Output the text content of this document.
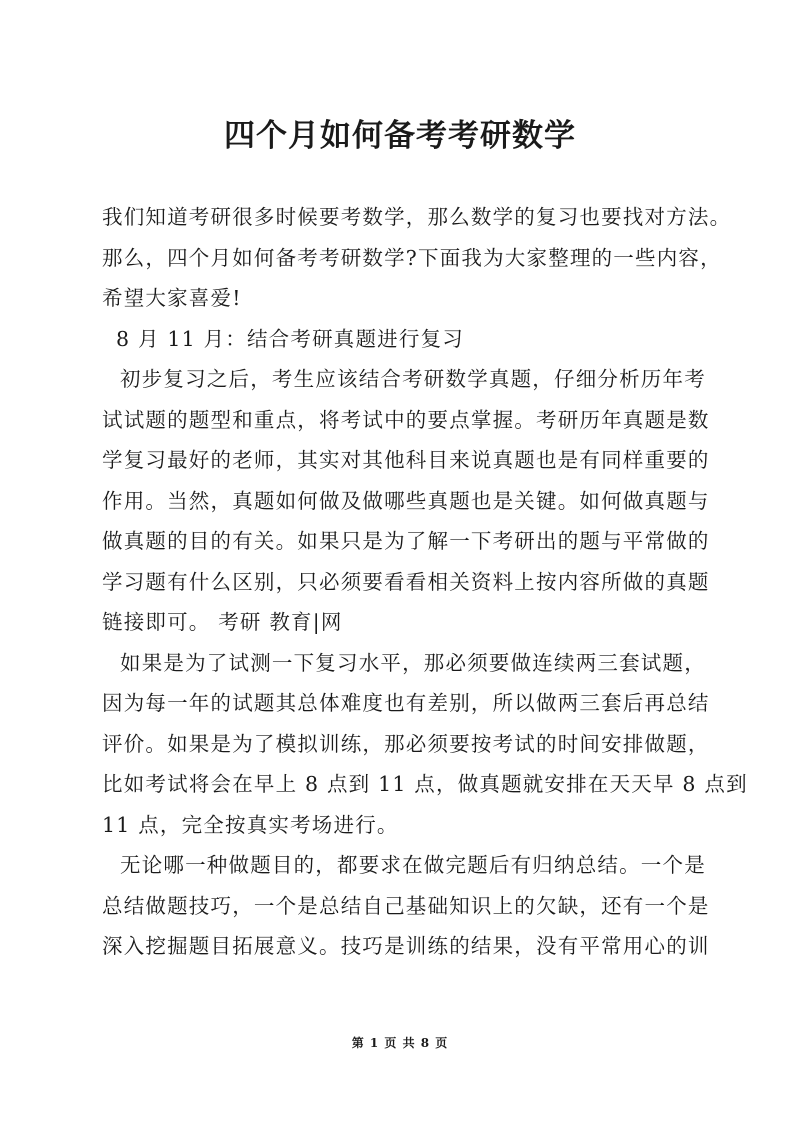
四个月如何备考考研数学
我们知道考研很多时候要考数学，那么数学的复习也要找对方法。
那么，四个月如何备考考研数学?下面我为大家整理的一些内容，
希望大家喜爱!
8 月 11 月：结合考研真题进行复习
初步复习之后，考生应该结合考研数学真题，仔细分析历年考
试试题的题型和重点，将考试中的要点掌握。考研历年真题是数
学复习最好的老师，其实对其他科目来说真题也是有同样重要的
作用。当然，真题如何做及做哪些真题也是关键。如何做真题与
做真题的目的有关。如果只是为了解一下考研出的题与平常做的
学习题有什么区别，只必须要看看相关资料上按内容所做的真题
链接即可。 考研 教育|网
如果是为了试测一下复习水平，那必须要做连续两三套试题，
因为每一年的试题其总体难度也有差别，所以做两三套后再总结
评价。如果是为了模拟训练，那必须要按考试的时间安排做题，
比如考试将会在早上 8 点到 11 点，做真题就安排在天天早 8 点到
11 点，完全按真实考场进行。
无论哪一种做题目的，都要求在做完题后有归纳总结。一个是
总结做题技巧，一个是总结自己基础知识上的欠缺，还有一个是
深入挖掘题目拓展意义。技巧是训练的结果，没有平常用心的训
第 1 页 共 8 页
